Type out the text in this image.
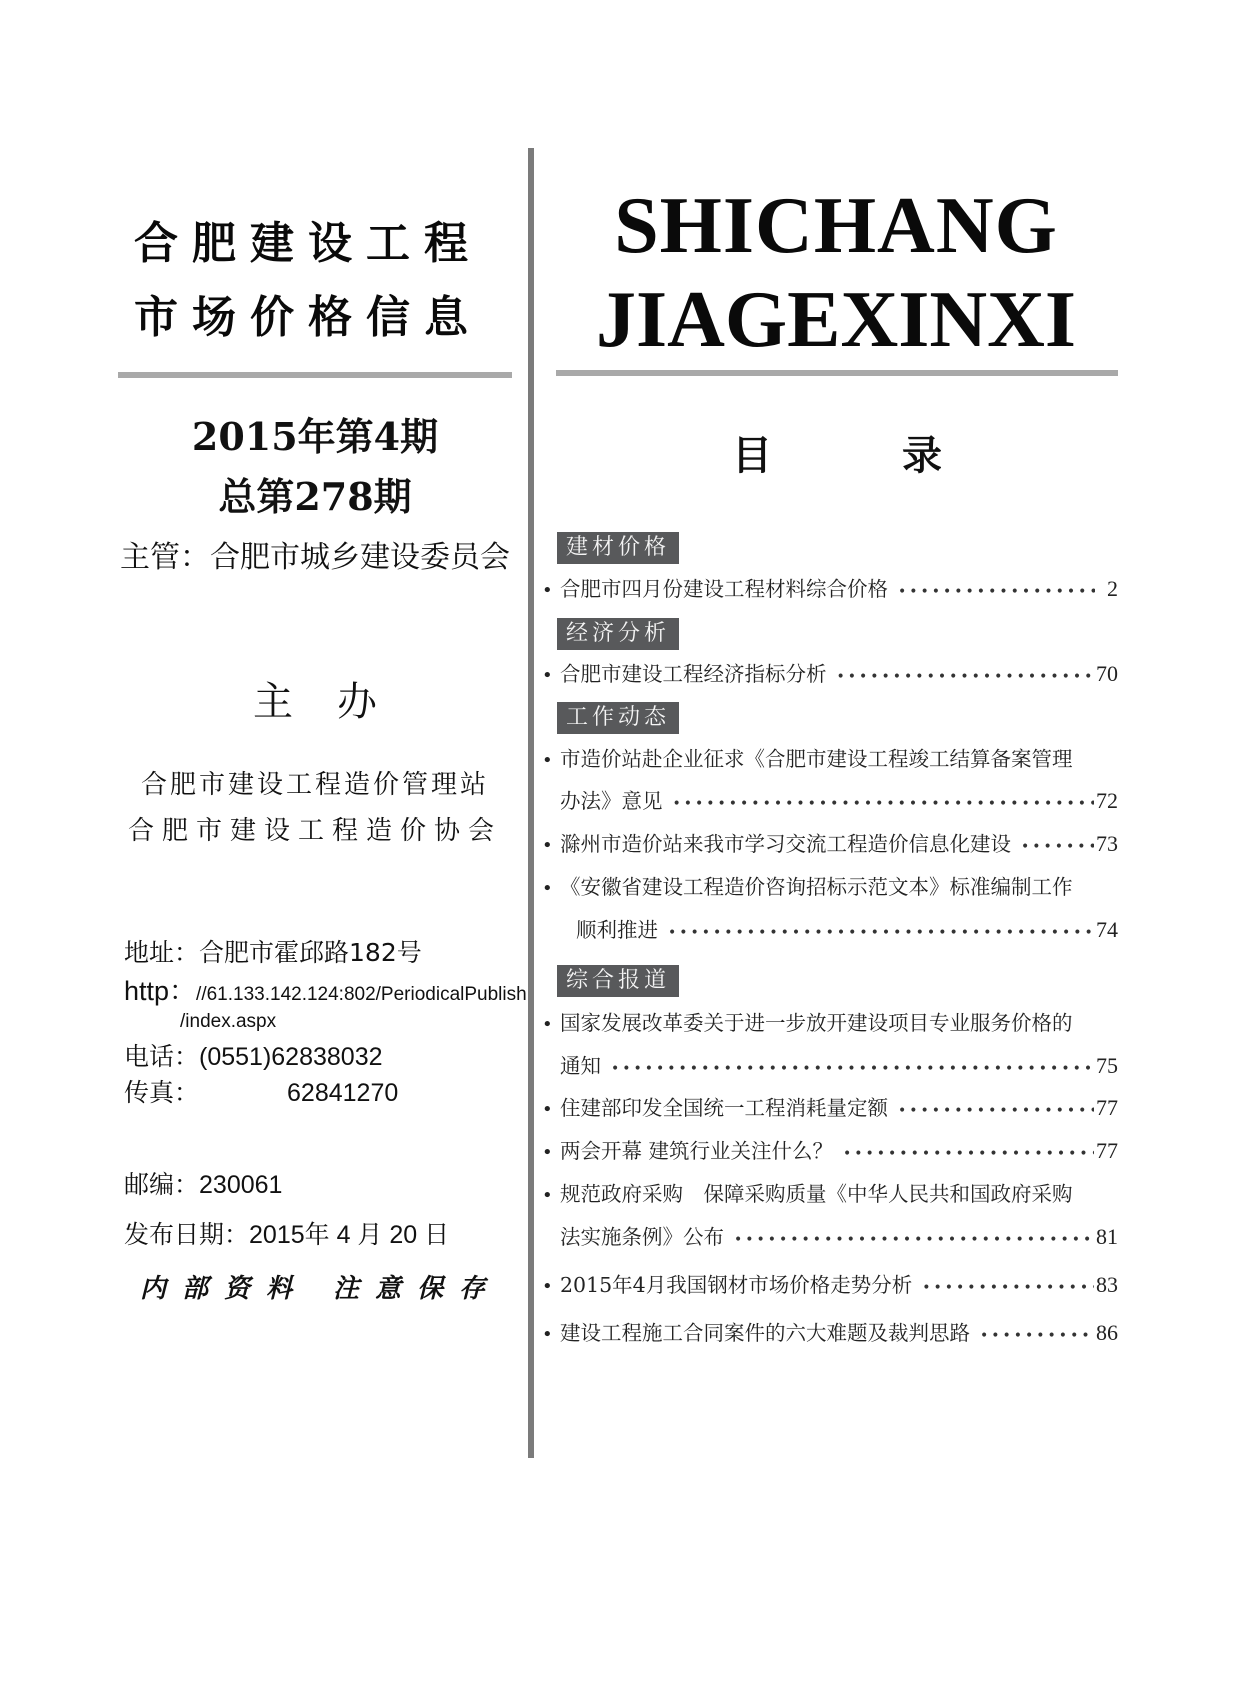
合肥建设工程
市场价格信息
2015年第4期
总第278期
主管：合肥市城乡建设委员会
主办
合肥市建设工程造价管理站
合肥市建设工程造价协会
地址：合肥市霍邱路182号
http：//61.133.142.124:802/PeriodicalPublish
/index.aspx
电话：(0551)62838032
传真：	62841270
邮编：230061
发布日期：2015年 4 月 20 日
内部资料 注意保存
SHICHANG
JIAGEXINXI
目录
建材价格
• 合肥市四月份建设工程材料综合价格 •••••	2
经济分析
• 合肥市建设工程经济指标分析 •••••	70
工作动态
• 市造价站赴企业征求《合肥市建设工程竣工结算备案管理
办法》意见 •••••	72
• 滁州市造价站来我市学习交流工程造价信息化建设 •••••	73
• 《安徽省建设工程造价咨询招标示范文本》标准编制工作
顺利推进 •••••	74
综合报道
• 国家发展改革委关于进一步放开建设项目专业服务价格的
通知 •••••	75
• 住建部印发全国统一工程消耗量定额 •••••	77
• 两会开幕 建筑行业关注什么？ •••••	77
• 规范政府采购　保障采购质量《中华人民共和国政府采购
法实施条例》公布 •••••	81
• 2015年4月我国钢材市场价格走势分析 •••••	83
• 建设工程施工合同案件的六大难题及裁判思路 •••••	86
